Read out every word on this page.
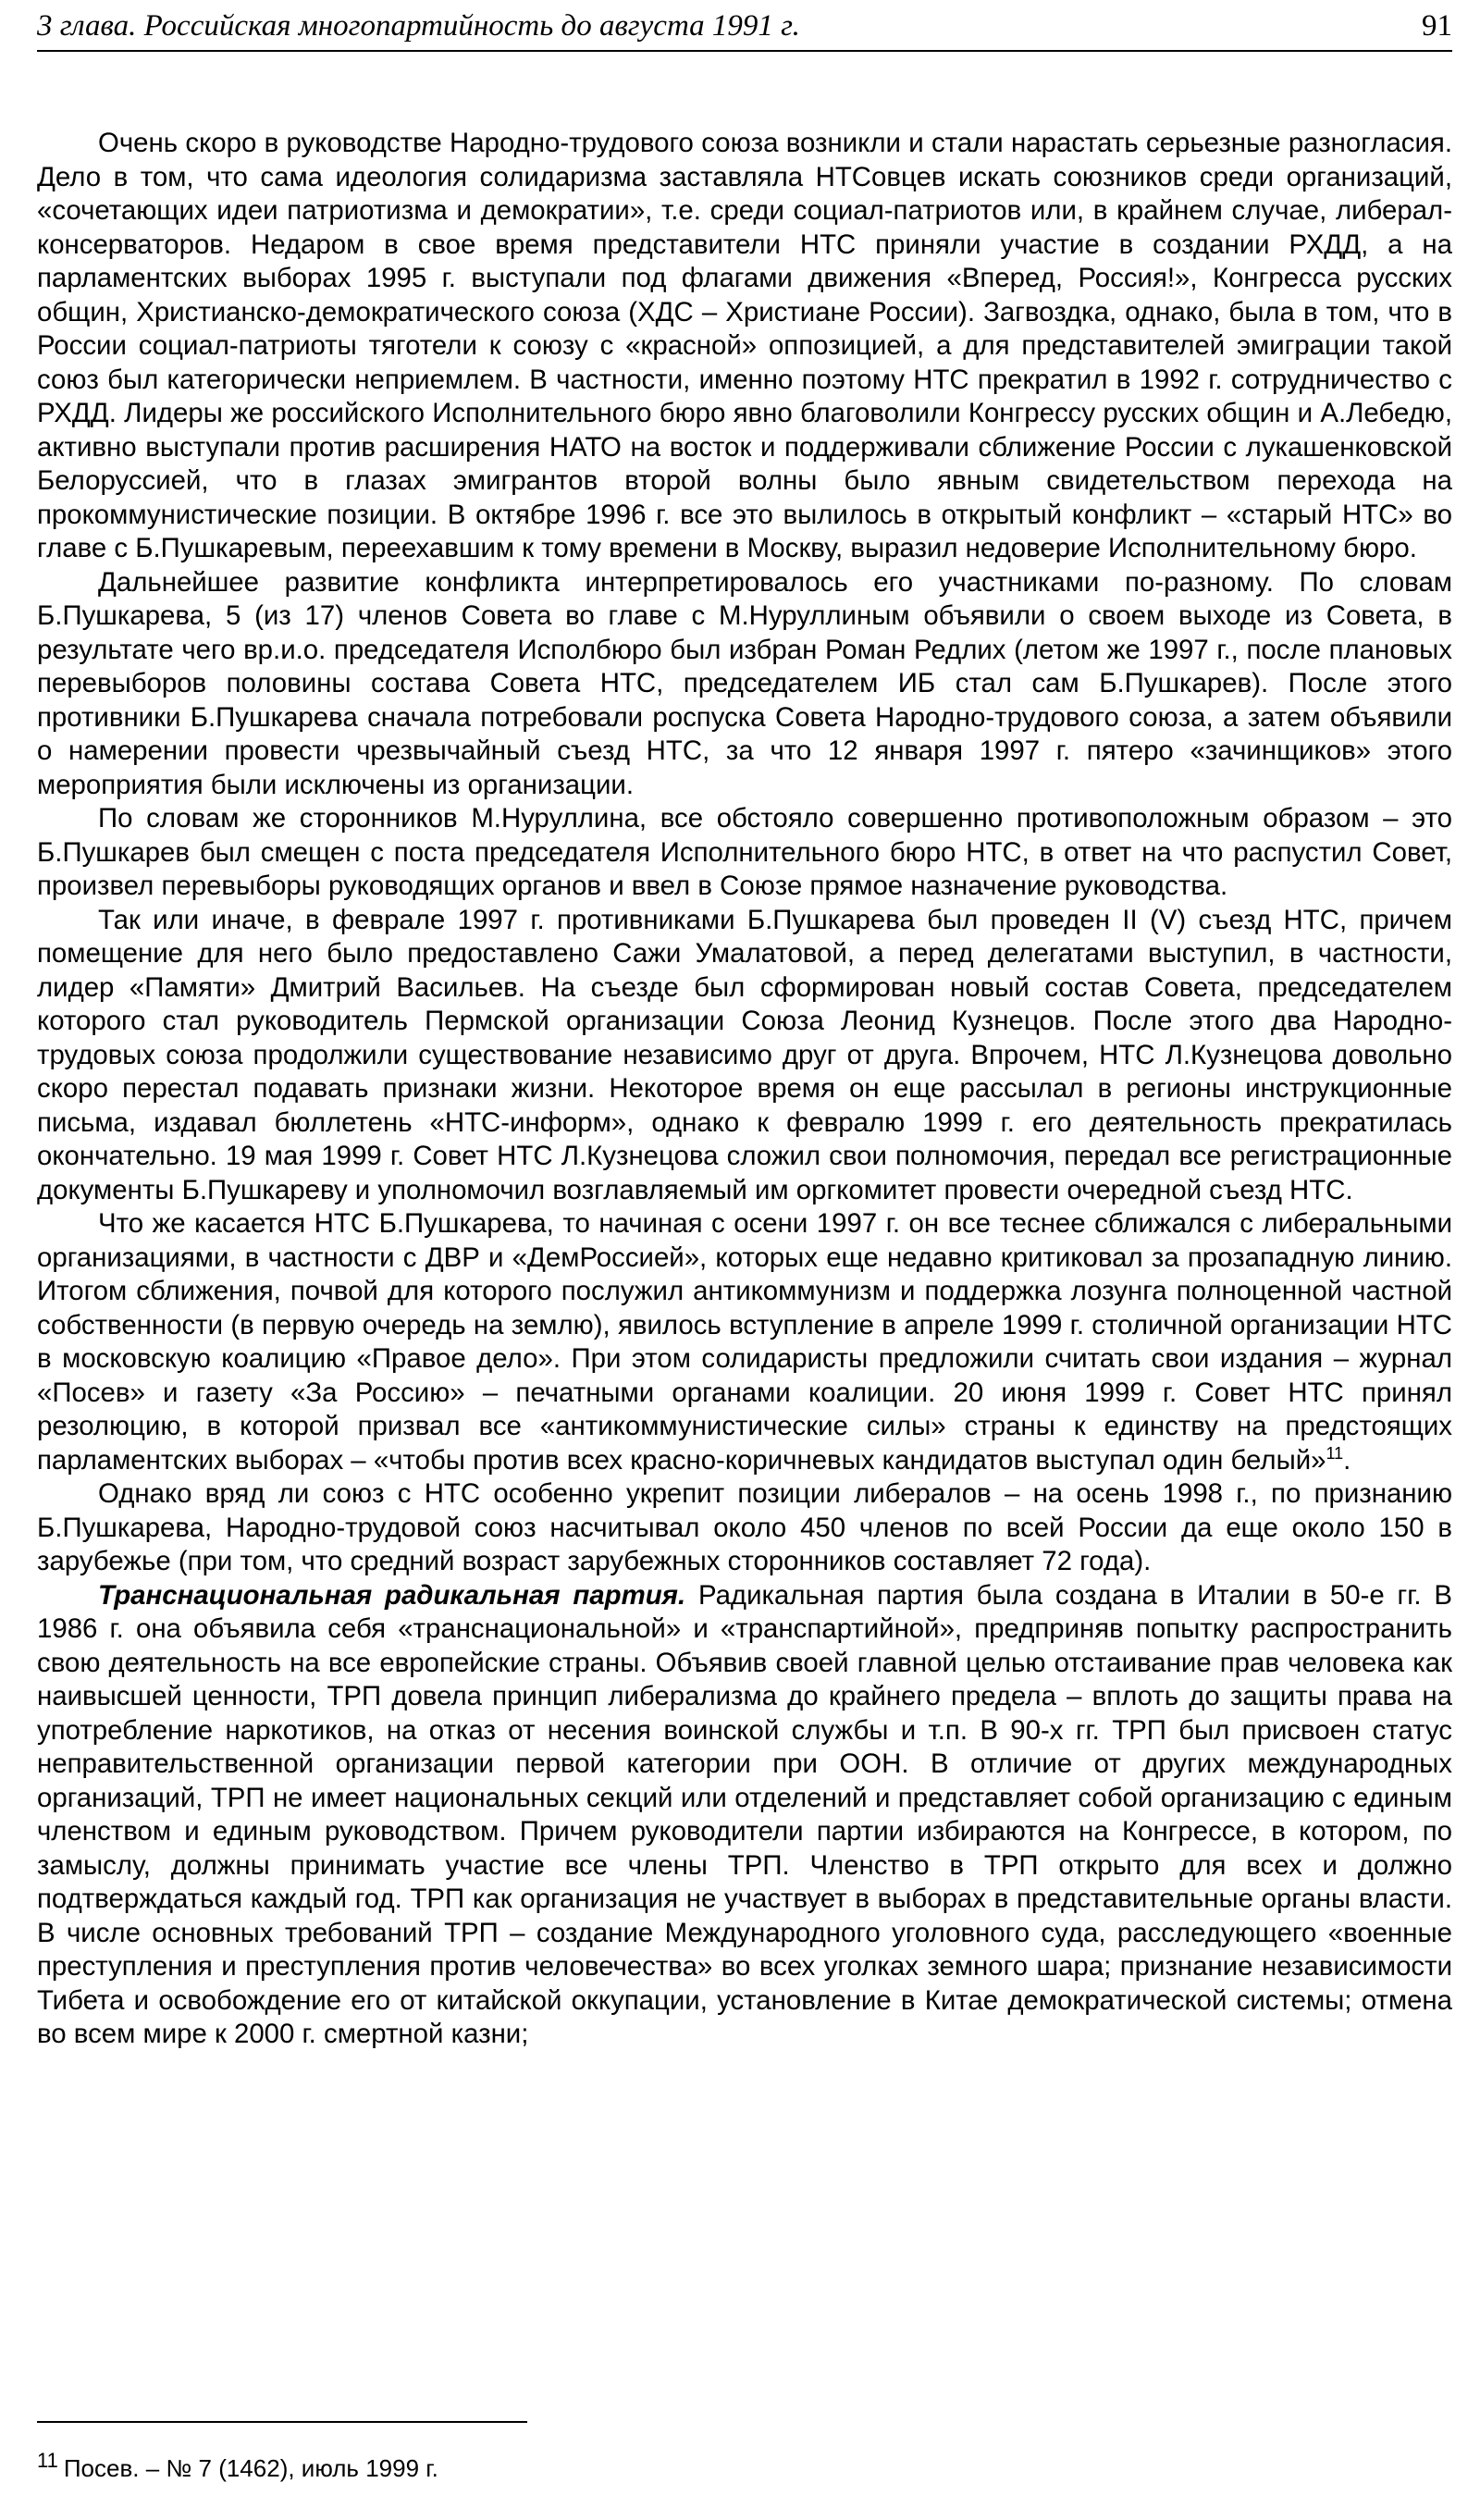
3 глава. Российская многопартийность до августа 1991 г.	91

Очень скоро в руководстве Народно-трудового союза возникли и стали нарастать серьезные разногласия. Дело в том, что сама идеология солидаризма заставляла НТСовцев искать союзников среди организаций, «сочетающих идеи патриотизма и демократии», т.е. среди социал-патриотов или, в крайнем случае, либерал-консерваторов. Недаром в свое время представители НТС приняли участие в создании РХДД, а на парламентских выборах 1995 г. выступали под флагами движения «Вперед, Россия!», Конгресса русских общин, Христианско-демократического союза (ХДС – Христиане России). Загвоздка, однако, была в том, что в России социал-патриоты тяготели к союзу с «красной» оппозицией, а для представителей эмиграции такой союз был категорически неприемлем. В частности, именно поэтому НТС прекратил в 1992 г. сотрудничество с РХДД. Лидеры же российского Исполнительного бюро явно благоволили Конгрессу русских общин и А.Лебедю, активно выступали против расширения НАТО на восток и поддерживали сближение России с лукашенковской Белоруссией, что в глазах эмигрантов второй волны было явным свидетельством перехода на прокоммунистические позиции. В октябре 1996 г. все это вылилось в открытый конфликт – «старый НТС» во главе с Б.Пушкаревым, переехавшим к тому времени в Москву, выразил недоверие Исполнительному бюро.

Дальнейшее развитие конфликта интерпретировалось его участниками по-разному. По словам Б.Пушкарева, 5 (из 17) членов Совета во главе с М.Нуруллиным объявили о своем выходе из Совета, в результате чего вр.и.о. председателя Исполбюро был избран Роман Редлих (летом же 1997 г., после плановых перевыборов половины состава Совета НТС, председателем ИБ стал сам Б.Пушкарев). После этого противники Б.Пушкарева сначала потребовали роспуска Совета Народно-трудового союза, а затем объявили о намерении провести чрезвычайный съезд НТС, за что 12 января 1997 г. пятеро «зачинщиков» этого мероприятия были исключены из организации.

По словам же сторонников М.Нуруллина, все обстояло совершенно противоположным образом – это Б.Пушкарев был смещен с поста председателя Исполнительного бюро НТС, в ответ на что распустил Совет, произвел перевыборы руководящих органов и ввел в Союзе прямое назначение руководства.

Так или иначе, в феврале 1997 г. противниками Б.Пушкарева был проведен II (V) съезд НТС, причем помещение для него было предоставлено Сажи Умалатовой, а перед делегатами выступил, в частности, лидер «Памяти» Дмитрий Васильев. На съезде был сформирован новый состав Совета, председателем которого стал руководитель Пермской организации Союза Леонид Кузнецов. После этого два Народно-трудовых союза продолжили существование независимо друг от друга. Впрочем, НТС Л.Кузнецова довольно скоро перестал подавать признаки жизни. Некоторое время он еще рассылал в регионы инструкционные письма, издавал бюллетень «НТС-информ», однако к февралю 1999 г. его деятельность прекратилась окончательно. 19 мая 1999 г. Совет НТС Л.Кузнецова сложил свои полномочия, передал все регистрационные документы Б.Пушкареву и уполномочил возглавляемый им оргкомитет провести очередной съезд НТС.

Что же касается НТС Б.Пушкарева, то начиная с осени 1997 г. он все теснее сближался с либеральными организациями, в частности с ДВР и «ДемРоссией», которых еще недавно критиковал за прозападную линию. Итогом сближения, почвой для которого послужил антикоммунизм и поддержка лозунга полноценной частной собственности (в первую очередь на землю), явилось вступление в апреле 1999 г. столичной организации НТС в московскую коалицию «Правое дело». При этом солидаристы предложили считать свои издания – журнал «Посев» и газету «За Россию» – печатными органами коалиции. 20 июня 1999 г. Совет НТС принял резолюцию, в которой призвал все «антикоммунистические силы» страны к единству на предстоящих парламентских выборах – «чтобы против всех красно-коричневых кандидатов выступал один белый»$^{11}$.

Однако вряд ли союз с НТС особенно укрепит позиции либералов – на осень 1998 г., по признанию Б.Пушкарева, Народно-трудовой союз насчитывал около 450 членов по всей России да еще около 150 в зарубежье (при том, что средний возраст зарубежных сторонников составляет 72 года).

Транснациональная радикальная партия. Радикальная партия была создана в Италии в 50-е гг. В 1986 г. она объявила себя «транснациональной» и «транспартийной», предприняв попытку распространить свою деятельность на все европейские страны. Объявив своей главной целью отстаивание прав человека как наивысшей ценности, ТРП довела принцип либерализма до крайнего предела – вплоть до защиты права на употребление наркотиков, на отказ от несения воинской службы и т.п. В 90-х гг. ТРП был присвоен статус неправительственной организации первой категории при ООН. В отличие от других международных организаций, ТРП не имеет национальных секций или отделений и представляет собой организацию с единым членством и единым руководством. Причем руководители партии избираются на Конгрессе, в котором, по замыслу, должны принимать участие все члены ТРП. Членство в ТРП открыто для всех и должно подтверждаться каждый год. ТРП как организация не участвует в выборах в представительные органы власти. В числе основных требований ТРП – создание Международного уголовного суда, расследующего «военные преступления и преступления против человечества» во всех уголках земного шара; признание независимости Тибета и освобождение его от китайской оккупации, установление в Китае демократической системы; отмена во всем мире к 2000 г. смертной казни;

$^{11}$ Посев. – № 7 (1462), июль 1999 г.
